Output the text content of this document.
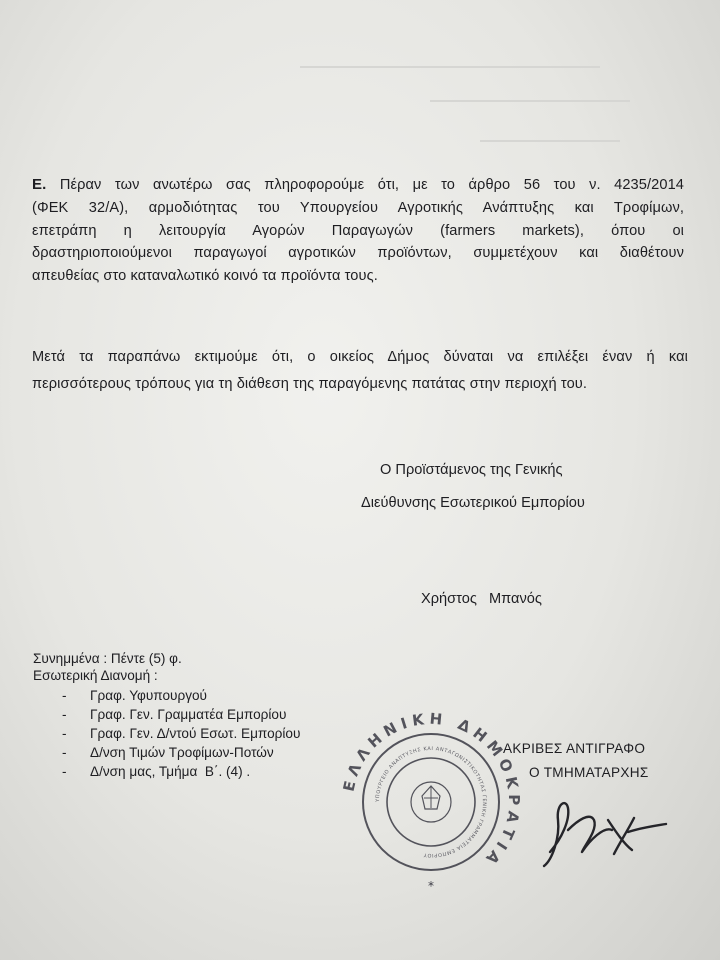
Ε. Πέραν των ανωτέρω σας πληροφορούμε ότι, με το άρθρο 56 του ν. 4235/2014
(ΦΕΚ 32/Α), αρμοδιότητας του Υπουργείου Αγροτικής Ανάπτυξης και Τροφίμων,
επετράπη η λειτουργία Αγορών Παραγωγών (farmers markets), όπου οι
δραστηριοποιούμενοι παραγωγοί αγροτικών προϊόντων, συμμετέχουν και διαθέτουν
απευθείας στο καταναλωτικό κοινό τα προϊόντα τους.
Μετά τα παραπάνω εκτιμούμε ότι, ο οικείος Δήμος δύναται να επιλέξει έναν ή και
περισσότερους τρόπους για τη διάθεση της παραγόμενης πατάτας στην περιοχή του.
Ο Προϊστάμενος της Γενικής
Διεύθυνσης Εσωτερικού Εμπορίου
Χρήστος   Μπανός
Συνημμένα : Πέντε (5) φ.
Εσωτερική Διανομή :
- Γραφ. Υφυπουργού
- Γραφ. Γεν. Γραμματέα Εμπορίου
- Γραφ. Γεν. Δ/ντού Εσωτ. Εμπορίου
- Δ/νση Τιμών Τροφίμων-Ποτών
- Δ/νση μας, Τμήμα  Β΄. (4) .
ΕΛΛΗΝΙΚΗ ΔΗΜΟΚΡΑΤΙΑ
ΥΠΟΥΡΓΕΙΟ ΑΝΑΠΤΥΞΗΣ ΚΑΙ ΑΝΤΑΓΩΝΙΣΤΙΚΟΤΗΤΑΣ ΓΕΝΙΚΗ ΓΡΑΜΜΑΤΕΙΑ ΕΜΠΟΡΙΟΥ
*
ΑΚΡΙΒΕΣ ΑΝΤΙΓΡΑΦΟ
Ο ΤΜΗΜΑΤΑΡΧΗΣ
